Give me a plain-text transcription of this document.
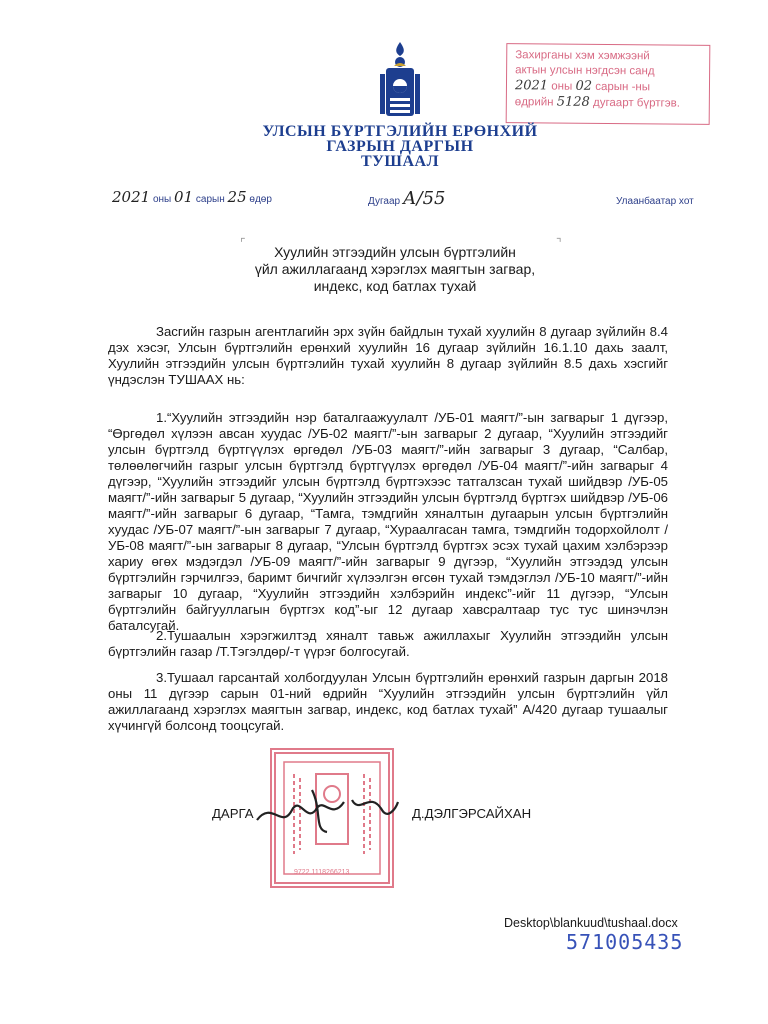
Захирганы хэм хэмжээнй
актын улсын нэгдсэн санд
2021 оны 02 сарын -ны
өдрийн 5128 дугаарт бүртгэв.
УЛСЫН БҮРТГЭЛИЙН ЕРӨНХИЙ
ГАЗРЫН ДАРГЫН
ТУШААЛ
2021 оны 01 сарын 25 өдөр	Дугаар А/55	Улаанбаатар хот
⌜	⌝
Хуулийн этгээдийн улсын бүртгэлийн
үйл ажиллагаанд хэрэглэх маягтын загвар,
индекс, код батлах тухай

Засгийн газрын агентлагийн эрх зүйн байдлын тухай хуулийн 8 дугаар зүйлийн 8.4 дэх хэсэг, Улсын бүртгэлийн ерөнхий хуулийн 16 дугаар зүйлийн 16.1.10 дахь заалт, Хуулийн этгээдийн улсын бүртгэлийн тухай хуулийн 8 дугаар зүйлийн 8.5 дахь хэсгийг үндэслэн ТУШААХ нь:

1.“Хуулийн этгээдийн нэр баталгаажуулалт /УБ-01 маягт/”-ын загварыг 1 дүгээр, “Өргөдөл хүлээн авсан хуудас /УБ-02 маягт/”-ын загварыг 2 дугаар, “Хуулийн этгээдийг улсын бүртгэлд бүртгүүлэх өргөдөл /УБ-03 маягт/”-ийн загварыг 3 дугаар, “Салбар, төлөөлөгчийн газрыг улсын бүртгэлд бүртгүүлэх өргөдөл /УБ-04 маягт/”-ийн загварыг 4 дүгээр, “Хуулийн этгээдийг улсын бүртгэлд бүртгэхээс татгалзсан тухай шийдвэр /УБ-05 маягт/”-ийн загварыг 5 дугаар, “Хуулийн этгээдийн улсын бүртгэлд бүртгэх шийдвэр /УБ-06 маягт/”-ийн загварыг 6 дугаар, “Тамга, тэмдгийн хяналтын дугаарын улсын бүртгэлийн хуудас /УБ-07 маягт/”-ын загварыг 7 дугаар, “Хураалгасан тамга, тэмдгийн тодорхойлолт /УБ-08 маягт/”-ын загварыг 8 дугаар, “Улсын бүртгэлд бүртгэх эсэх тухай цахим хэлбэрээр хариу өгөх мэдэгдэл /УБ-09 маягт/”-ийн загварыг 9 дүгээр, “Хуулийн этгээдэд улсын бүртгэлийн гэрчилгээ, баримт бичгийг хүлээлгэн өгсөн тухай тэмдэглэл /УБ-10 маягт/”-ийн загварыг 10 дугаар, “Хуулийн этгээдийн хэлбэрийн индекс”-ийг 11 дүгээр, “Улсын бүртгэлийн байгууллагын бүртгэх код”-ыг 12 дугаар хавсралтаар тус тус шинэчлэн баталсугай.

2.Тушаалын хэрэгжилтэд хяналт тавьж ажиллахыг Хуулийн этгээдийн улсын бүртгэлийн газар /Т.Тэгэлдөр/-т үүрэг болгосугай.

3.Тушаал гарсантай холбогдуулан Улсын бүртгэлийн ерөнхий газрын даргын 2018 оны 11 дүгээр сарын 01-ний өдрийн “Хуулийн этгээдийн улсын бүртгэлийн үйл ажиллагаанд хэрэглэх маягтын загвар, индекс, код батлах тухай” А/420 дугаар тушаалыг хүчингүй болсонд тооцсугай.

9722 1118266213
ДАРГА	Д.ДЭЛГЭРСАЙХАН
Desktop\blankuud\tushaal.docx
571005435
